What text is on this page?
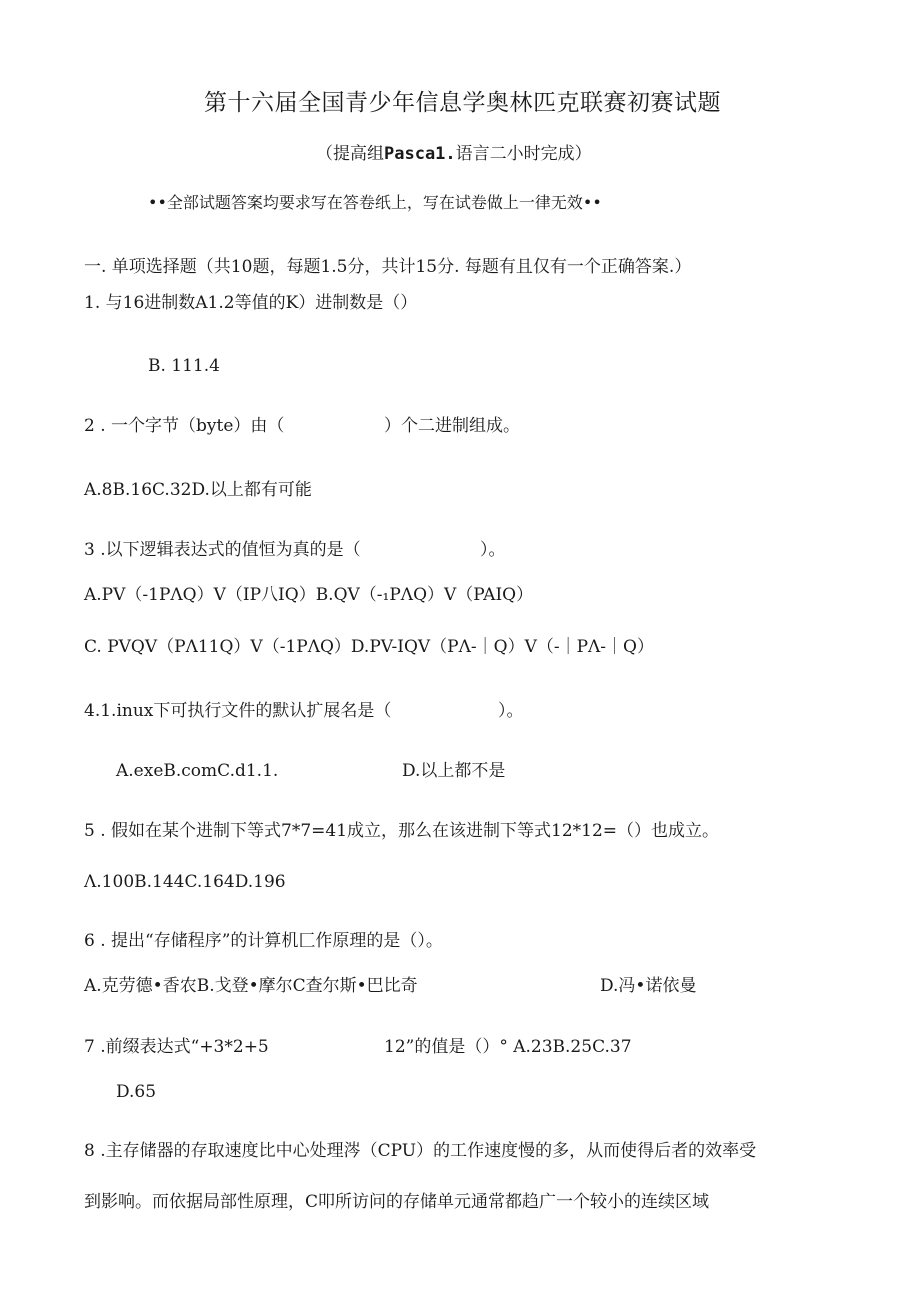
第十六届全国青少年信息学奥林匹克联赛初赛试题
（提高组Pasca1.语言二小时完成）
••全部试题答案均要求写在答卷纸上，写在试卷做上一律无效••
一. 单项选择题（共10题，每题1.5分，共计15分. 每题有且仅有一个正确答案.）
1. 与16进制数A1.2等值的K）进制数是（）
B. 111.4
2 . 一个字节（byte）由（	）个二进制组成。
A.8B.16C.32D.以上都有可能
3 .以下逻辑表达式的值恒为真的是（	）。
A.PV（-1PΛQ）V（IP八IQ）B.QV（-₁PΛQ）V（PAIQ）
C. PVQV（PΛ11Q）V（-1PΛQ）D.PV-IQV（PΛ-｜Q）V（-｜PΛ-｜Q）
4.1.inux下可执行文件的默认扩展名是（	）。
A.exeB.comC.d1.1.	D.以上都不是
5 . 假如在某个进制下等式7*7=41成立，那么在该进制下等式12*12=（）也成立。
Λ.100B.144C.164D.196
6 . 提出“存储程序”的计算机匚作原理的是（）。
A.克劳德•香农B.戈登•摩尔C查尔斯•巴比奇	D.冯•诺依曼
7 .前缀表达式“+3*2+5	12”的值是（）° A.23B.25C.37
D.65
8 .主存储器的存取速度比中心处理涔（CPU）的工作速度慢的多，从而使得后者的效率受
到影响。而依据局部性原理，C叩所访问的存储单元通常都趋广一个较小的连续区域
